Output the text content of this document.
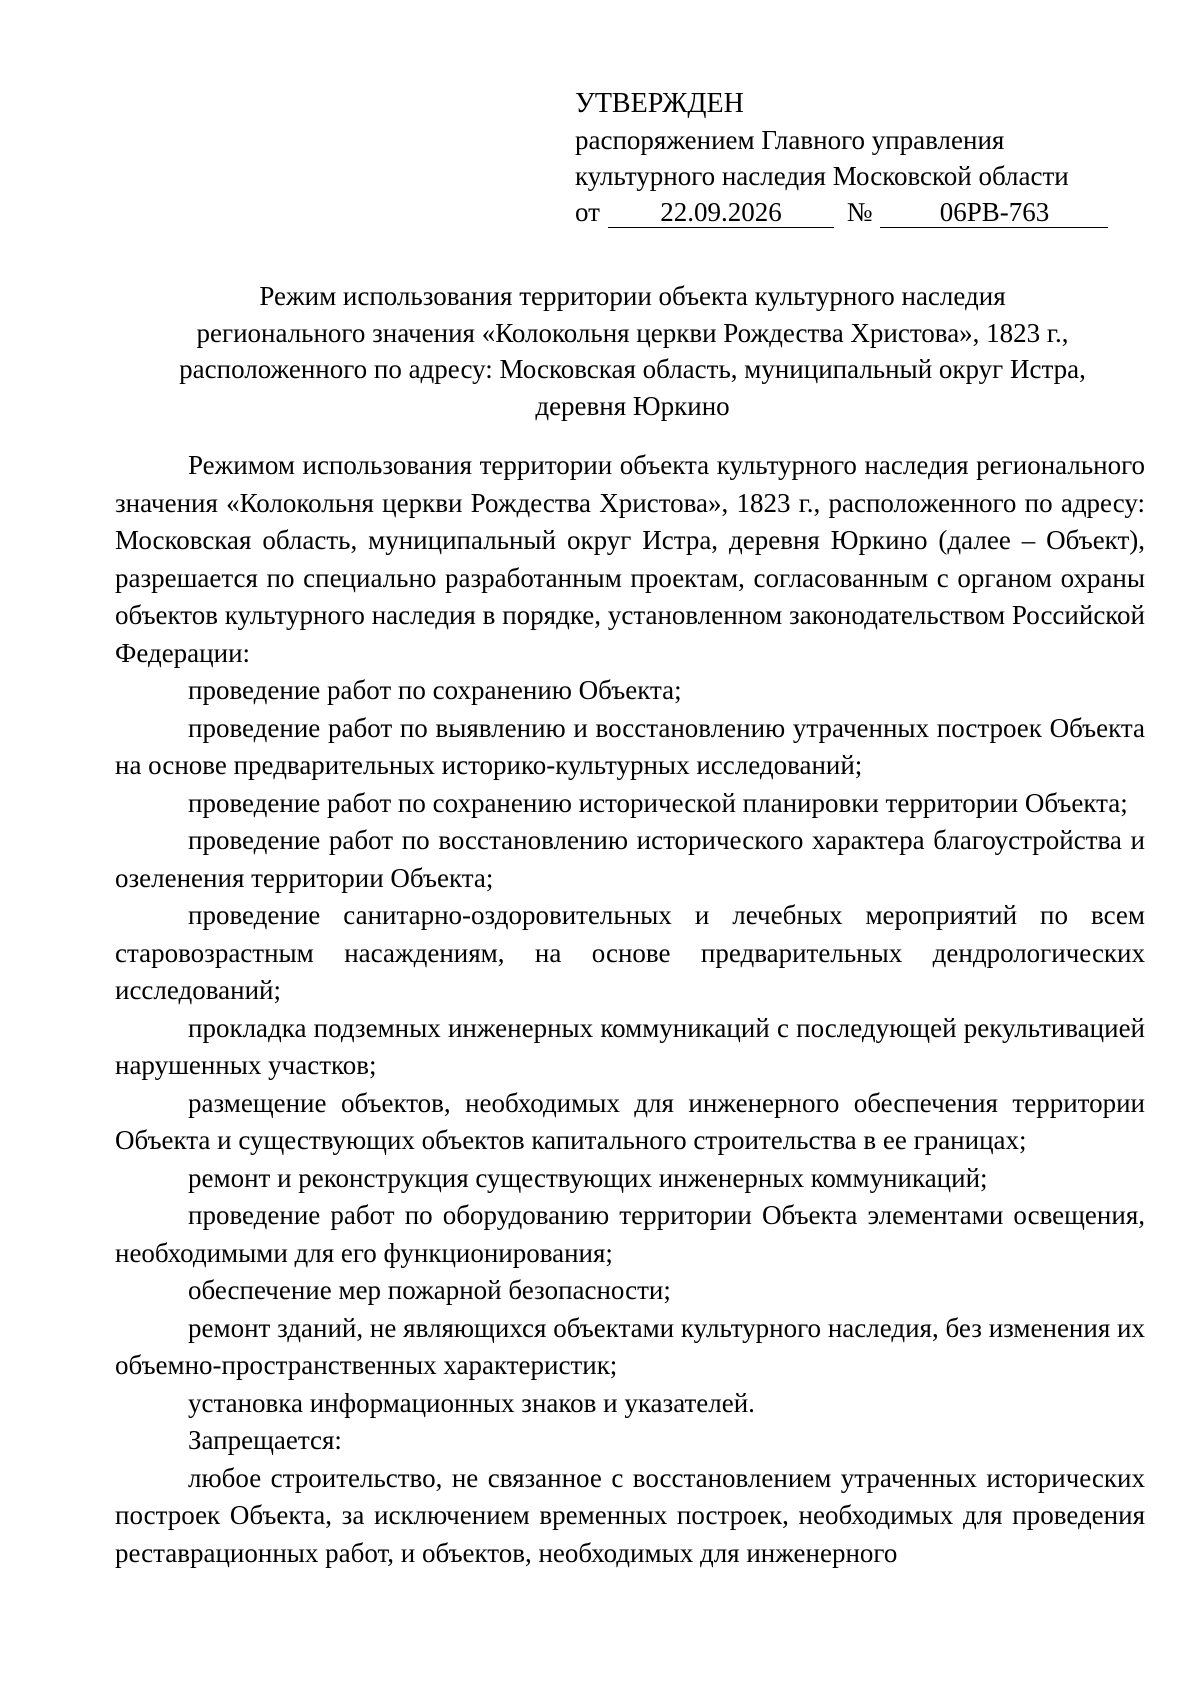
УТВЕРЖДЕН
распоряжением Главного управления
культурного наследия Московской области
от 22.09.2026 № 06РВ-763
Режим использования территории объекта культурного наследия
регионального значения «Колокольня церкви Рождества Христова», 1823 г.,
расположенного по адресу: Московская область, муниципальный округ Истра,
деревня Юркино

Режимом использования территории объекта культурного наследия регионального значения «Колокольня церкви Рождества Христова», 1823 г., расположенного по адресу: Московская область, муниципальный округ Истра, деревня Юркино (далее – Объект), разрешается по специально разработанным проектам, согласованным с органом охраны объектов культурного наследия в порядке, установленном законодательством Российской Федерации:

проведение работ по сохранению Объекта;

проведение работ по выявлению и восстановлению утраченных построек Объекта на основе предварительных историко-культурных исследований;

проведение работ по сохранению исторической планировки территории Объекта;

проведение работ по восстановлению исторического характера благоустройства и озеленения территории Объекта;

проведение санитарно-оздоровительных и лечебных мероприятий по всем старовозрастным насаждениям, на основе предварительных дендрологических исследований;

прокладка подземных инженерных коммуникаций с последующей рекультивацией нарушенных участков;

размещение объектов, необходимых для инженерного обеспечения территории Объекта и существующих объектов капитального строительства в ее границах;

ремонт и реконструкция существующих инженерных коммуникаций;

проведение работ по оборудованию территории Объекта элементами освещения, необходимыми для его функционирования;

обеспечение мер пожарной безопасности;

ремонт зданий, не являющихся объектами культурного наследия, без изменения их объемно-пространственных характеристик;

установка информационных знаков и указателей.

Запрещается:

любое строительство, не связанное с восстановлением утраченных исторических построек Объекта, за исключением временных построек, необходимых для проведения реставрационных работ, и объектов, необходимых для инженерного
